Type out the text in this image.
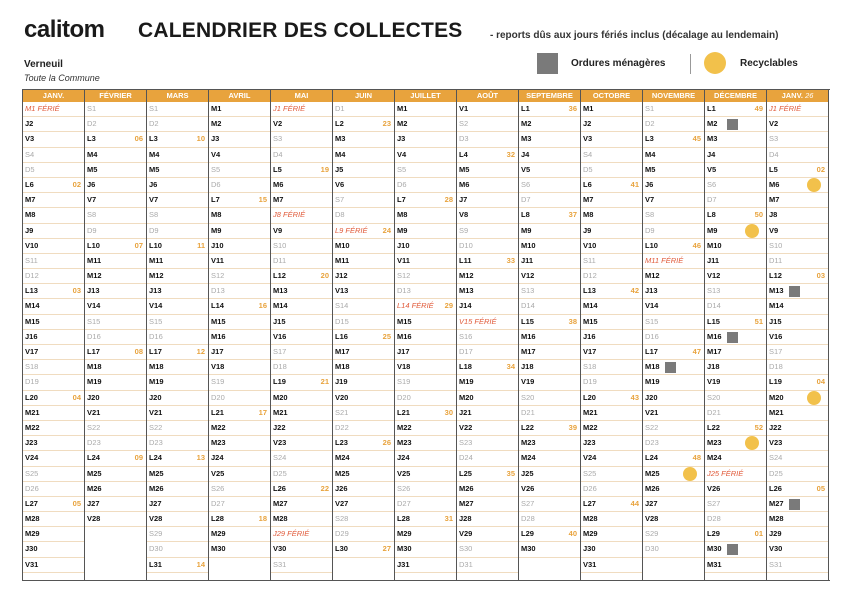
calitom CALENDRIER DES COLLECTES	- reports dûs aux jours fériés inclus (décalage au lendemain)
Verneuil
Toute la Commune
Ordures ménagères	Recyclables
JANV.
M1 FÉRIÉ
J2
V3
S4
D5
L6	02
M7
M8
J9
V10
S11
D12
L13	03
M14
M15
J16
V17
S18
D19
L20	04
M21
M22
J23
V24
S25
D26
L27	05
M28
M29
J30
V31
FÉVRIER
S1
D2
L3	06
M4
M5
J6
V7
S8
D9
L10	07
M11
M12
J13
V14
S15
D16
L17	08
M18
M19
J20
V21
S22
D23
L24	09
M25
M26
J27
V28
MARS
S1
D2
L3	10
M4
M5
J6
V7
S8
D9
L10	11
M11
M12
J13
V14
S15
D16
L17	12
M18
M19
J20
V21
S22
D23
L24	13
M25
M26
J27
V28
S29
D30
L31	14
AVRIL
M1
M2
J3
V4
S5
D6
L7	15
M8
M9
J10
V11
S12
D13
L14	16
M15
M16
J17
V18
S19
D20
L21	17
M22
M23
J24
V25
S26
D27
L28	18
M29
M30
MAI
J1 FÉRIÉ
V2
S3
D4
L5	19
M6
M7
J8 FÉRIÉ
V9
S10
D11
L12	20
M13
M14
J15
V16
S17
D18
L19	21
M20
M21
J22
V23
S24
D25
L26	22
M27
M28
J29 FÉRIÉ
V30
S31
JUIN
D1
L2	23
M3
M4
J5
V6
S7
D8
L9 FÉRIÉ 24
M10
M11
J12
V13
S14
D15
L16	25
M17
M18
J19
V20
S21
D22
L23	26
M24
M25
J26
V27
S28
D29
L30	27
JUILLET
M1
M2
J3
V4
S5
D6
L7	28
M8
M9
J10
V11
S12
D13
L14 FÉRIÉ 29
M15
M16
J17
V18
S19
D20
L21	30
M22
M23
J24
V25
S26
D27
L28	31
M29
M30
J31
AOÛT
V1
S2
D3
L4	32
M5
M6
J7
V8
S9
D10
L11	33
M12
M13
J14
V15 FÉRIÉ
S16
D17
L18	34
M19
M20
J21
V22
S23
D24
L25	35
M26
M27
J28
V29
S30
D31
SEPTEMBRE
L1	36
M2
M3
J4
V5
S6
D7
L8	37
M9
M10
J11
V12
S13
D14
L15	38
M16
M17
J18
V19
S20
D21
L22	39
M23
M24
J25
V26
S27
D28
L29	40
M30
OCTOBRE
M1
J2
V3
S4
D5
L6	41
M7
M8
J9
V10
S11
D12
L13	42
M14
M15
J16
V17
S18
D19
L20	43
M21
M22
J23
V24
S25
D26
L27	44
M28
M29
J30
V31
NOVEMBRE
S1
D2
L3	45
M4
M5
J6
V7
S8
D9
L10	46
M11 FÉRIÉ
M12
J13
V14
S15
D16
L17	47
M18
M19
J20
V21
S22
D23
L24	48
M25
M26
J27
V28
S29
D30
DÉCEMBRE
L1	49
M2
M3
J4
V5
S6
D7
L8	50
M9
M10
J11
V12
S13
D14
L15	51
M16
M17
J18
V19
S20
D21
L22	52
M23
M24
J25 FÉRIÉ
V26
S27
D28
L29	01
M30
M31
JANV. 26
J1 FÉRIÉ
V2
S3
D4
L5	02
M6
M7
J8
V9
S10
D11
L12	03
M13
M14
J15
V16
S17
D18
L19	04
M20
M21
J22
V23
S24
D25
L26	05
M27
M28
J29
V30
S31
